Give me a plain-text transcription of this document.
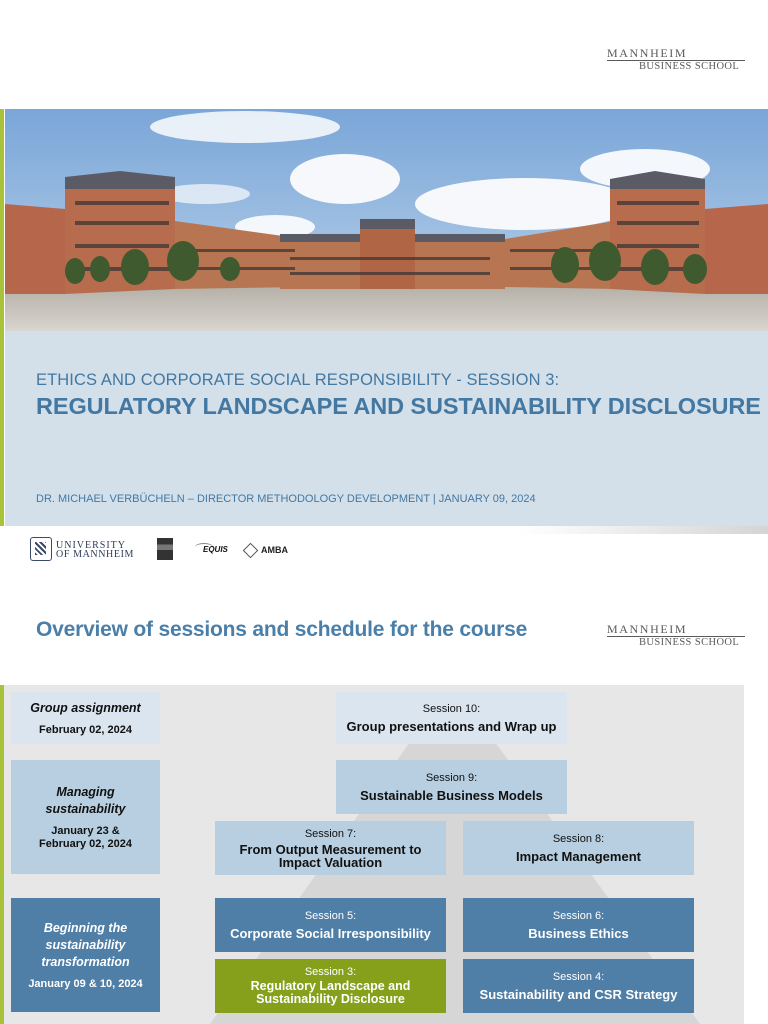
MANNHEIM
BUSINESS SCHOOL
ETHICS AND CORPORATE SOCIAL RESPONSIBILITY - SESSION 3:
REGULATORY LANDSCAPE AND SUSTAINABILITY DISCLOSURE
DR. MICHAEL VERBÜCHELN – DIRECTOR METHODOLOGY DEVELOPMENT | JANUARY 09, 2024
UNIVERSITY
OF MANNHEIM	EQUIS	AMBA
Overview of sessions and schedule for the course	MANNHEIM
BUSINESS SCHOOL
Group assignment
February 02, 2024
Managing sustainability
January 23 & February 02, 2024
Beginning the sustainability transformation
January 09 & 10, 2024
Session 10:
Group presentations and Wrap up
Session 9:
Sustainable Business Models
Session 7:
From Output Measurement to Impact Valuation
Session 8:
Impact Management
Session 5:
Corporate Social Irresponsibility
Session 6:
Business Ethics
Session 3:
Regulatory Landscape and Sustainability Disclosure
Session 4:
Sustainability and CSR Strategy
